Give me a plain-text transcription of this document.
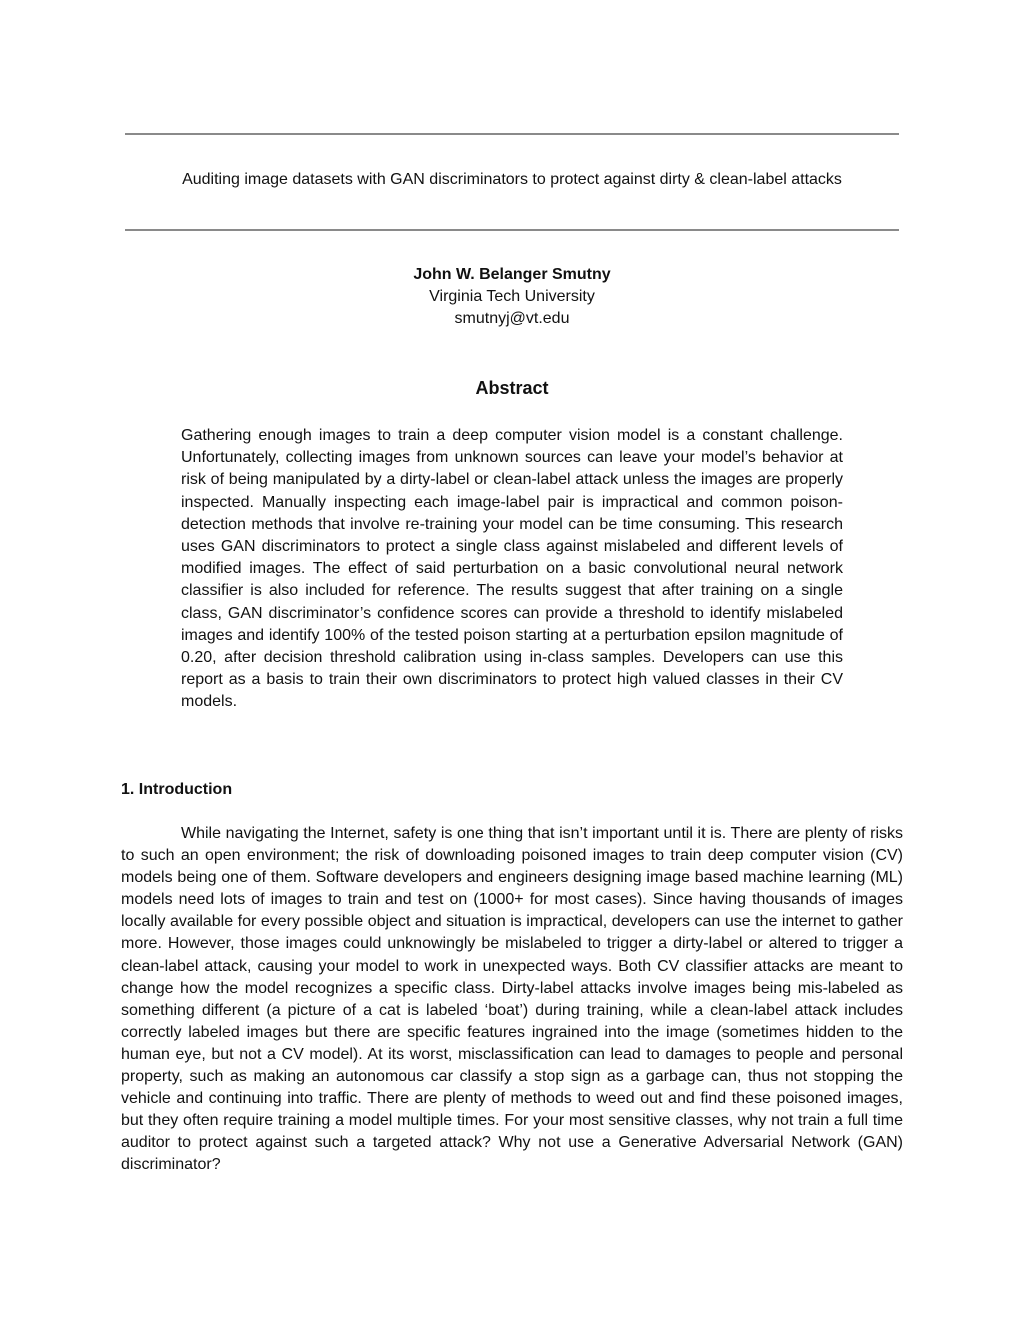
Auditing image datasets with GAN discriminators to protect against dirty & clean-label attacks
John W. Belanger Smutny
Virginia Tech University
smutnyj@vt.edu
Abstract

Gathering enough images to train a deep computer vision model is a constant challenge. Unfortunately, collecting images from unknown sources can leave your model’s behavior at risk of being manipulated by a dirty-label or clean-label attack unless the images are properly inspected. Manually inspecting each image-label pair is impractical and common poison-detection methods that involve re-training your model can be time consuming. This research uses GAN discriminators to protect a single class against mislabeled and different levels of modified images. The effect of said perturbation on a basic convolutional neural network classifier is also included for reference. The results suggest that after training on a single class, GAN discriminator’s confidence scores can provide a threshold to identify mislabeled images and identify 100% of the tested poison starting at a perturbation epsilon magnitude of 0.20, after decision threshold calibration using in-class samples. Developers can use this report as a basis to train their own discriminators to protect high valued classes in their CV models.

1. Introduction

While navigating the Internet, safety is one thing that isn’t important until it is. There are plenty of risks to such an open environment; the risk of downloading poisoned images to train deep computer vision (CV) models being one of them. Software developers and engineers designing image based machine learning (ML) models need lots of images to train and test on (1000+ for most cases). Since having thousands of images locally available for every possible object and situation is impractical, developers can use the internet to gather more. However, those images could unknowingly be mislabeled to trigger a dirty-label or altered to trigger a clean-label attack, causing your model to work in unexpected ways. Both CV classifier attacks are meant to change how the model recognizes a specific class. Dirty-label attacks involve images being mis-labeled as something different (a picture of a cat is labeled ‘boat’) during training, while a clean-label attack includes correctly labeled images but there are specific features ingrained into the image (sometimes hidden to the human eye, but not a CV model). At its worst, misclassification can lead to damages to people and personal property, such as making an autonomous car classify a stop sign as a garbage can, thus not stopping the vehicle and continuing into traffic. There are plenty of methods to weed out and find these poisoned images, but they often require training a model multiple times. For your most sensitive classes, why not train a full time auditor to protect against such a targeted attack? Why not use a Generative Adversarial Network (GAN) discriminator?
